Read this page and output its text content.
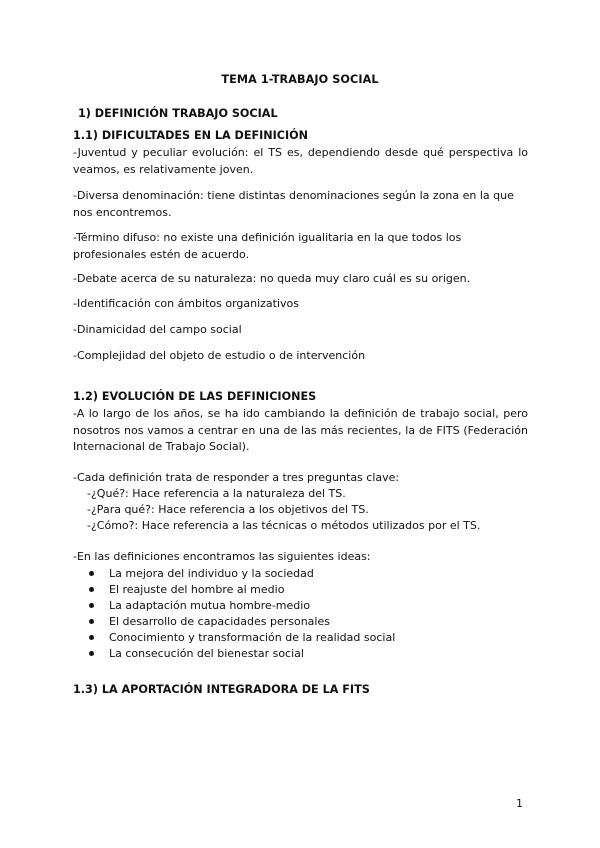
TEMA 1-TRABAJO SOCIAL
1) DEFINICIÓN TRABAJO SOCIAL
1.1) DIFICULTADES EN LA DEFINICIÓN
-Juventud y peculiar evolución: el TS es, dependiendo desde qué perspectiva lo veamos, es relativamente joven.
-Diversa denominación: tiene distintas denominaciones según la zona en la que nos encontremos.
-Término difuso: no existe una definición igualitaria en la que todos los profesionales estén de acuerdo.
-Debate acerca de su naturaleza: no queda muy claro cuál es su origen.
-Identificación con ámbitos organizativos
-Dinamicidad del campo social
-Complejidad del objeto de estudio o de intervención
1.2) EVOLUCIÓN DE LAS DEFINICIONES
-A lo largo de los años, se ha ido cambiando la definición de trabajo social, pero nosotros nos vamos a centrar en una de las más recientes, la de FITS (Federación Internacional de Trabajo Social).
-Cada definición trata de responder a tres preguntas clave:
-¿Qué?: Hace referencia a la naturaleza del TS.
-¿Para qué?: Hace referencia a los objetivos del TS.
-¿Cómo?: Hace referencia a las técnicas o métodos utilizados por el TS.
-En las definiciones encontramos las siguientes ideas:
La mejora del individuo y la sociedad
El reajuste del hombre al medio
La adaptación mutua hombre-medio
El desarrollo de capacidades personales
Conocimiento y transformación de la realidad social
La consecución del bienestar social
1.3) LA APORTACIÓN INTEGRADORA DE LA FITS
1
